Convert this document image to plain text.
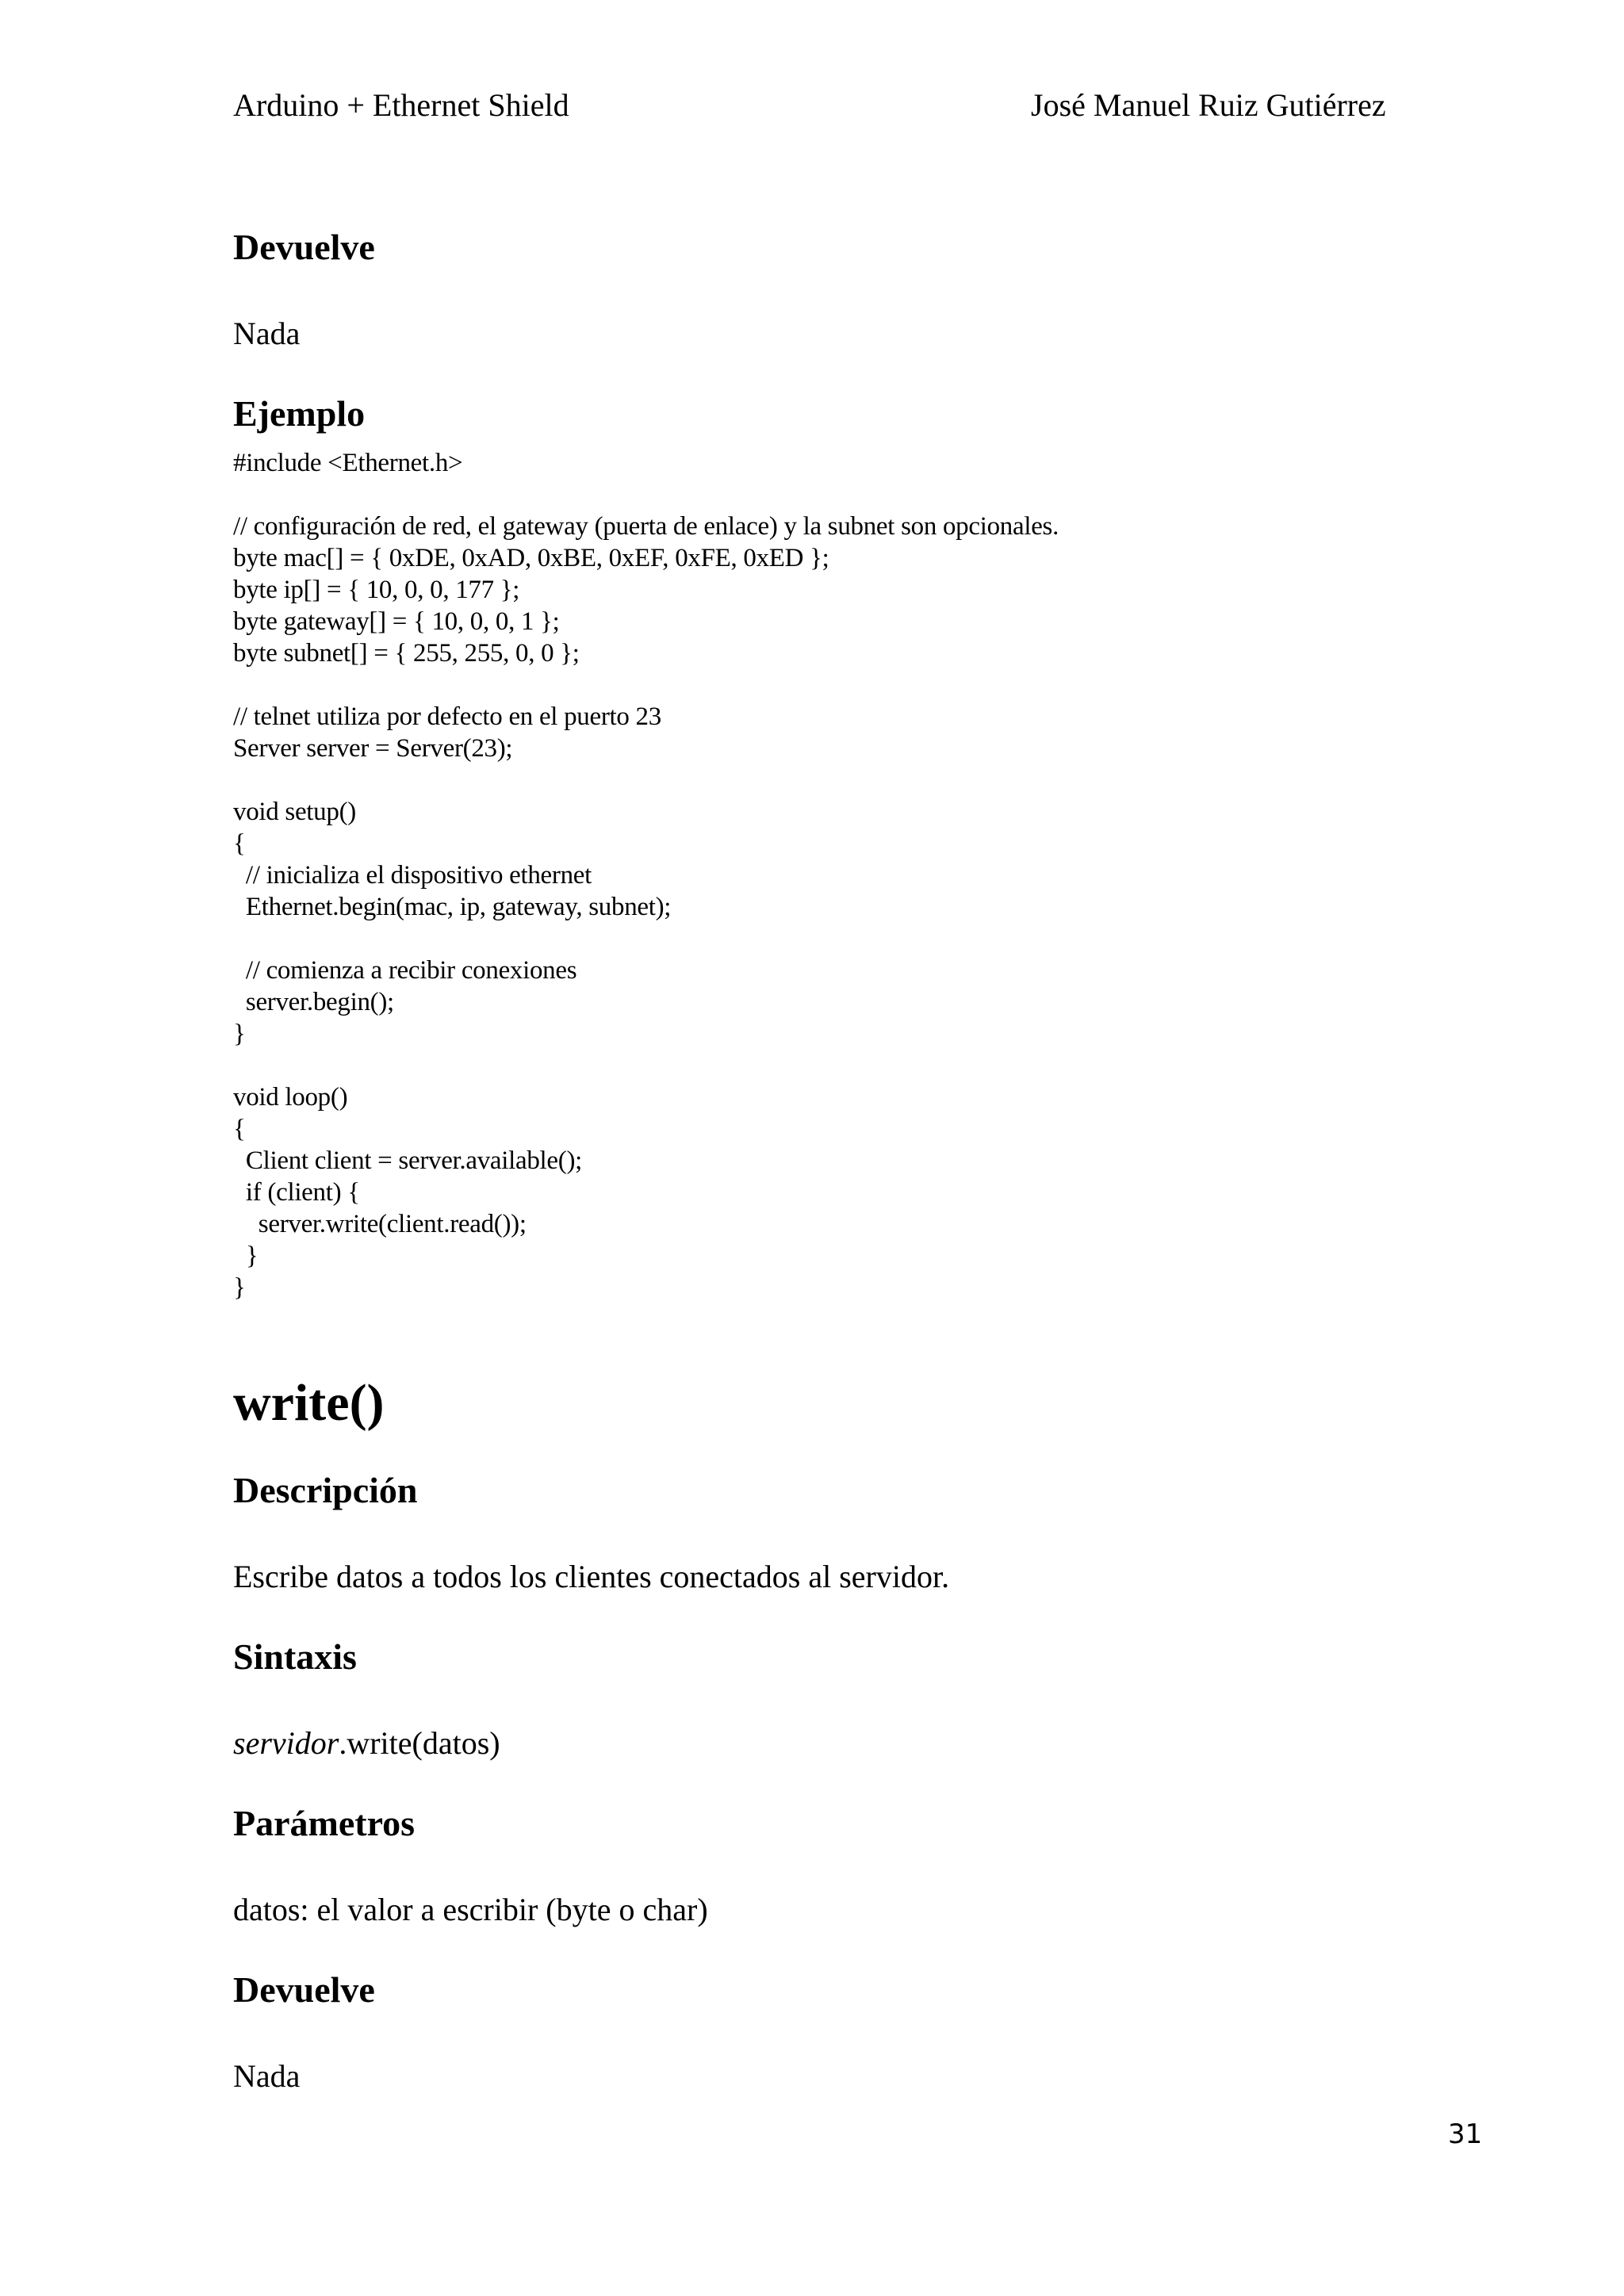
Arduino + Ethernet Shield	José Manuel Ruiz Gutiérrez
Devuelve
Nada
Ejemplo
#include <Ethernet.h>
// configuración de red, el gateway (puerta de enlace) y la subnet son opcionales.
byte mac[] = { 0xDE, 0xAD, 0xBE, 0xEF, 0xFE, 0xED };
byte ip[] = { 10, 0, 0, 177 };
byte gateway[] = { 10, 0, 0, 1 };
byte subnet[] = { 255, 255, 0, 0 };
// telnet utiliza por defecto en el puerto 23
Server server = Server(23);
void setup()
{
// inicializa el dispositivo ethernet
Ethernet.begin(mac, ip, gateway, subnet);
// comienza a recibir conexiones
server.begin();
}
void loop()
{
Client client = server.available();
if (client) {
server.write(client.read());
}
}
write()
Descripción
Escribe datos a todos los clientes conectados al servidor.
Sintaxis
servidor.write(datos)
Parámetros
datos: el valor a escribir (byte o char)
Devuelve
Nada
31
